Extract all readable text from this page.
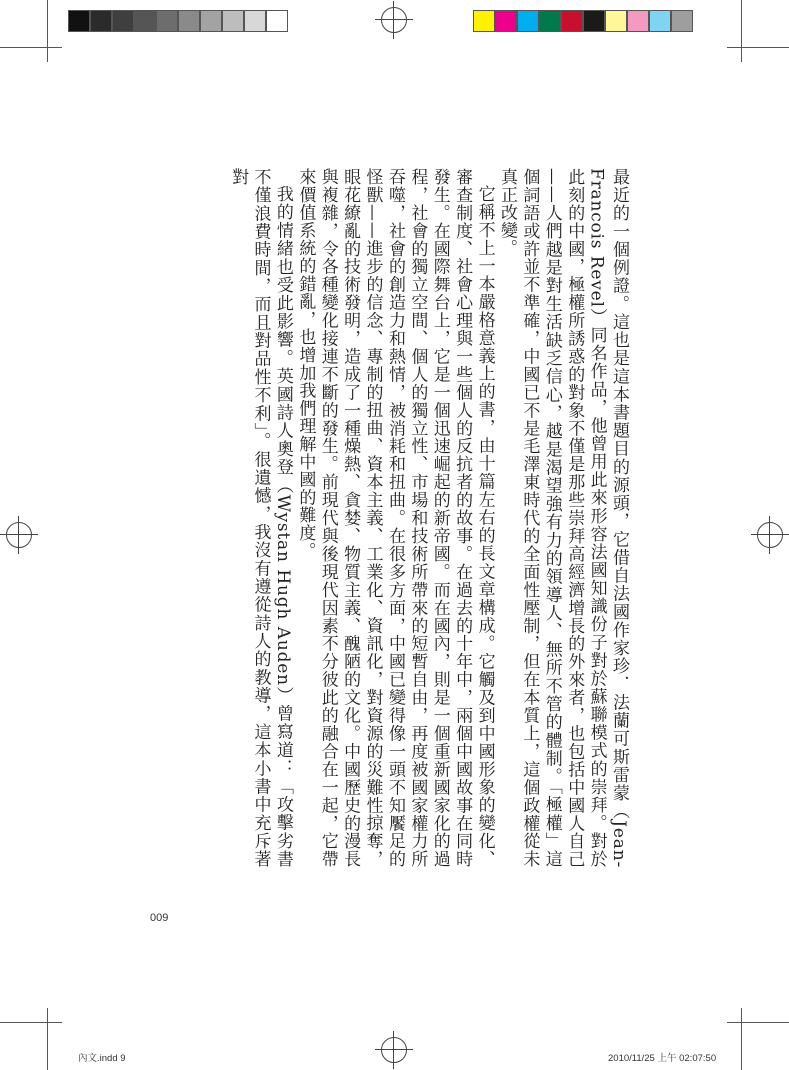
最近的一個例證。這也是這本書題目的源頭，它借自法國作家珍．法蘭可斯雷蒙（Jean-Francois Revel）同名作品，他曾用此來形容法國知識份子對於蘇聯模式的崇拜。對於此刻的中國，極權所誘惑的對象不僅是那些崇拜高經濟增長的外來者，也包括中國人自己——人們越是對生活缺乏信心，越是渴望強有力的領導人、無所不管的體制。「極權」這個詞語或許並不準確，中國已不是毛澤東時代的全面性壓制，但在本質上，這個政權從未真正改變。

它稱不上一本嚴格意義上的書，由十篇左右的長文章構成。它觸及到中國形象的變化、審查制度、社會心理與一些個人的反抗者的故事。在過去的十年中，兩個中國故事在同時發生。在國際舞台上，它是一個迅速崛起的新帝國。而在國內，則是一個重新國家化的過程，社會的獨立空間、個人的獨立性、市場和技術所帶來的短暫自由，再度被國家權力所吞噬，社會的創造力和熱情，被消耗和扭曲。在很多方面，中國已變得像一頭不知饜足的怪獸——進步的信念、專制的扭曲、資本主義、工業化、資訊化，對資源的災難性掠奪，眼花繚亂的技術發明，造成了一種燥熱、貪婪、物質主義、醜陋的文化。中國歷史的漫長與複雜，令各種變化接連不斷的發生。前現代與後現代因素不分彼此的融合在一起，它帶來價值系統的錯亂，也增加我們理解中國的難度。

我的情緒也受此影響。英國詩人奧登（Wystan Hugh Auden）曾寫道：「攻擊劣書不僅浪費時間，而且對品性不利」。很遺憾，我沒有遵從詩人的教導，這本小書中充斥著對

009
內文.indd 9	2010/11/25 上午 02:07:50
